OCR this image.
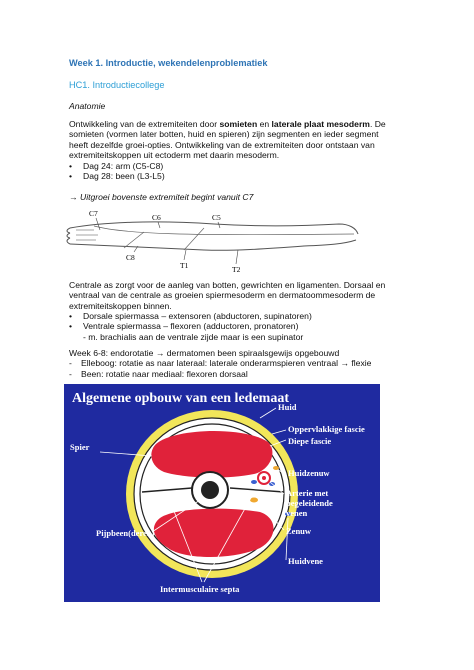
Week 1. Introductie, wekendelenproblematiek
HC1. Introductiecollege
Anatomie
Ontwikkeling van de extremiteiten door somieten en laterale plaat mesoderm. De
somieten (vormen later botten, huid en spieren) zijn segmenten en ieder segment
heeft dezelfde groei-opties. Ontwikkeling van de extremiteiten door ontstaan van
extremiteitskoppen uit ectoderm met daarin mesoderm.
• Dag 24: arm (C5-C8)
• Dag 28: been (L3-L5)
→ Uitgroei bovenste extremiteit begint vanuit C7
C7	C6	C5
C8
T1	T2
Centrale as zorgt voor de aanleg van botten, gewrichten en ligamenten. Dorsaal en
ventraal van de centrale as groeien spiermesoderm en dermatoommesoderm de
extremiteitskoppen binnen.
• Dorsale spiermassa – extensoren (abductoren, supinatoren)
• Ventrale spiermassa – flexoren (adductoren, pronatoren)
- m. brachialis aan de ventrale zijde maar is een supinator
Week 6-8: endorotatie → dermatomen been spiraalsgewijs opgebouwd
- Elleboog: rotatie as naar lateraal: laterale onderarmspieren ventraal → flexie
- Been: rotatie naar mediaal: flexoren dorsaal
Algemene opbouw van een ledemaat
Huid
Oppervlakkige fascie
Diepe fascie
Spier
Huidzenuw
Arterie met
begeleidende
venen
Zenuw
Pijpbeen(deren)
Huidvene
Intermusculaire septa
